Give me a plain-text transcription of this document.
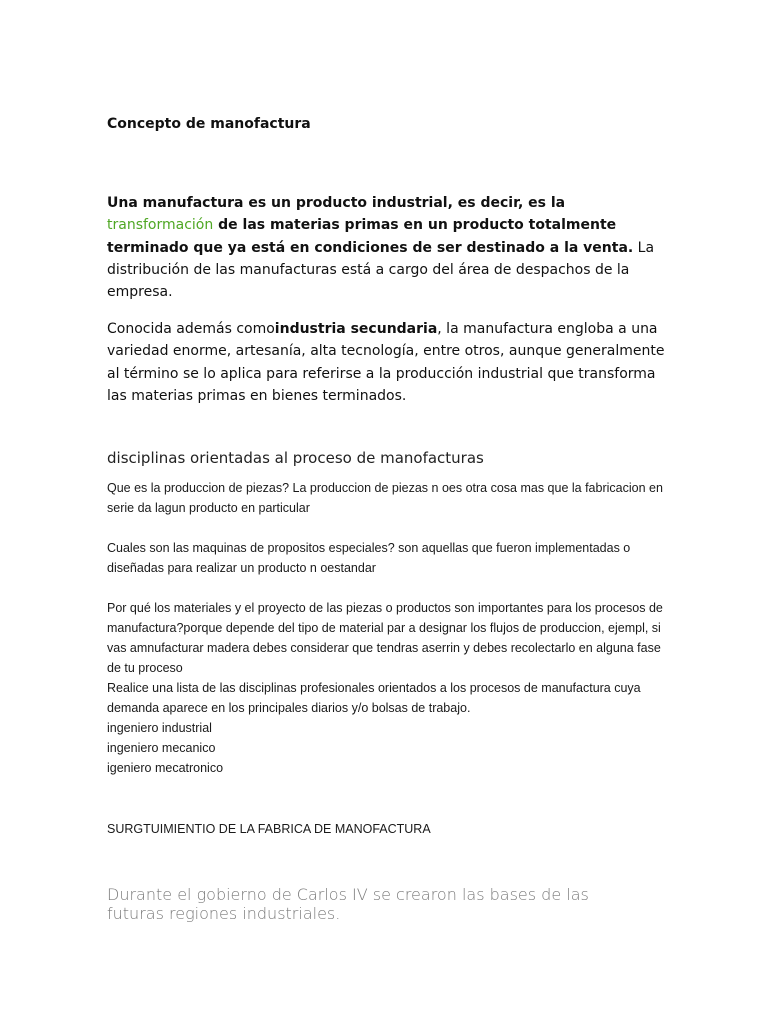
Concepto de manofactura

Una manufactura es un producto industrial, es decir, es la transformación de las materias primas en un producto totalmente terminado que ya está en condiciones de ser destinado a la venta. La distribución de las manufacturas está a cargo del área de despachos de la empresa.

Conocida además comoindustria secundaria, la manufactura engloba a una variedad enorme, artesanía, alta tecnología, entre otros, aunque generalmente al término se lo aplica para referirse a la producción industrial que transforma las materias primas en bienes terminados.

disciplinas orientadas al proceso de manofacturas

Que es la produccion de piezas? La produccion de piezas n oes otra cosa mas que la fabricacion en serie da lagun producto en particular

Cuales son las maquinas de propositos especiales? son aquellas que fueron implementadas o diseñadas para realizar un producto n oestandar

Por qué los materiales y el proyecto de las piezas o productos son importantes para los procesos de manufactura?porque depende del tipo de material par a designar los flujos de produccion, ejempl, si vas amnufacturar madera debes considerar que tendras aserrin y debes recolectarlo en alguna fase de tu proceso
Realice una lista de las disciplinas profesionales orientados a los procesos de manufactura cuya demanda aparece en los principales diarios y/o bolsas de trabajo.
ingeniero industrial
ingeniero mecanico
igeniero mecatronico
SURGTUIMIENTIO DE LA FABRICA DE MANOFACTURA

Durante el gobierno de Carlos IV se crearon las bases de las futuras regiones industriales.
